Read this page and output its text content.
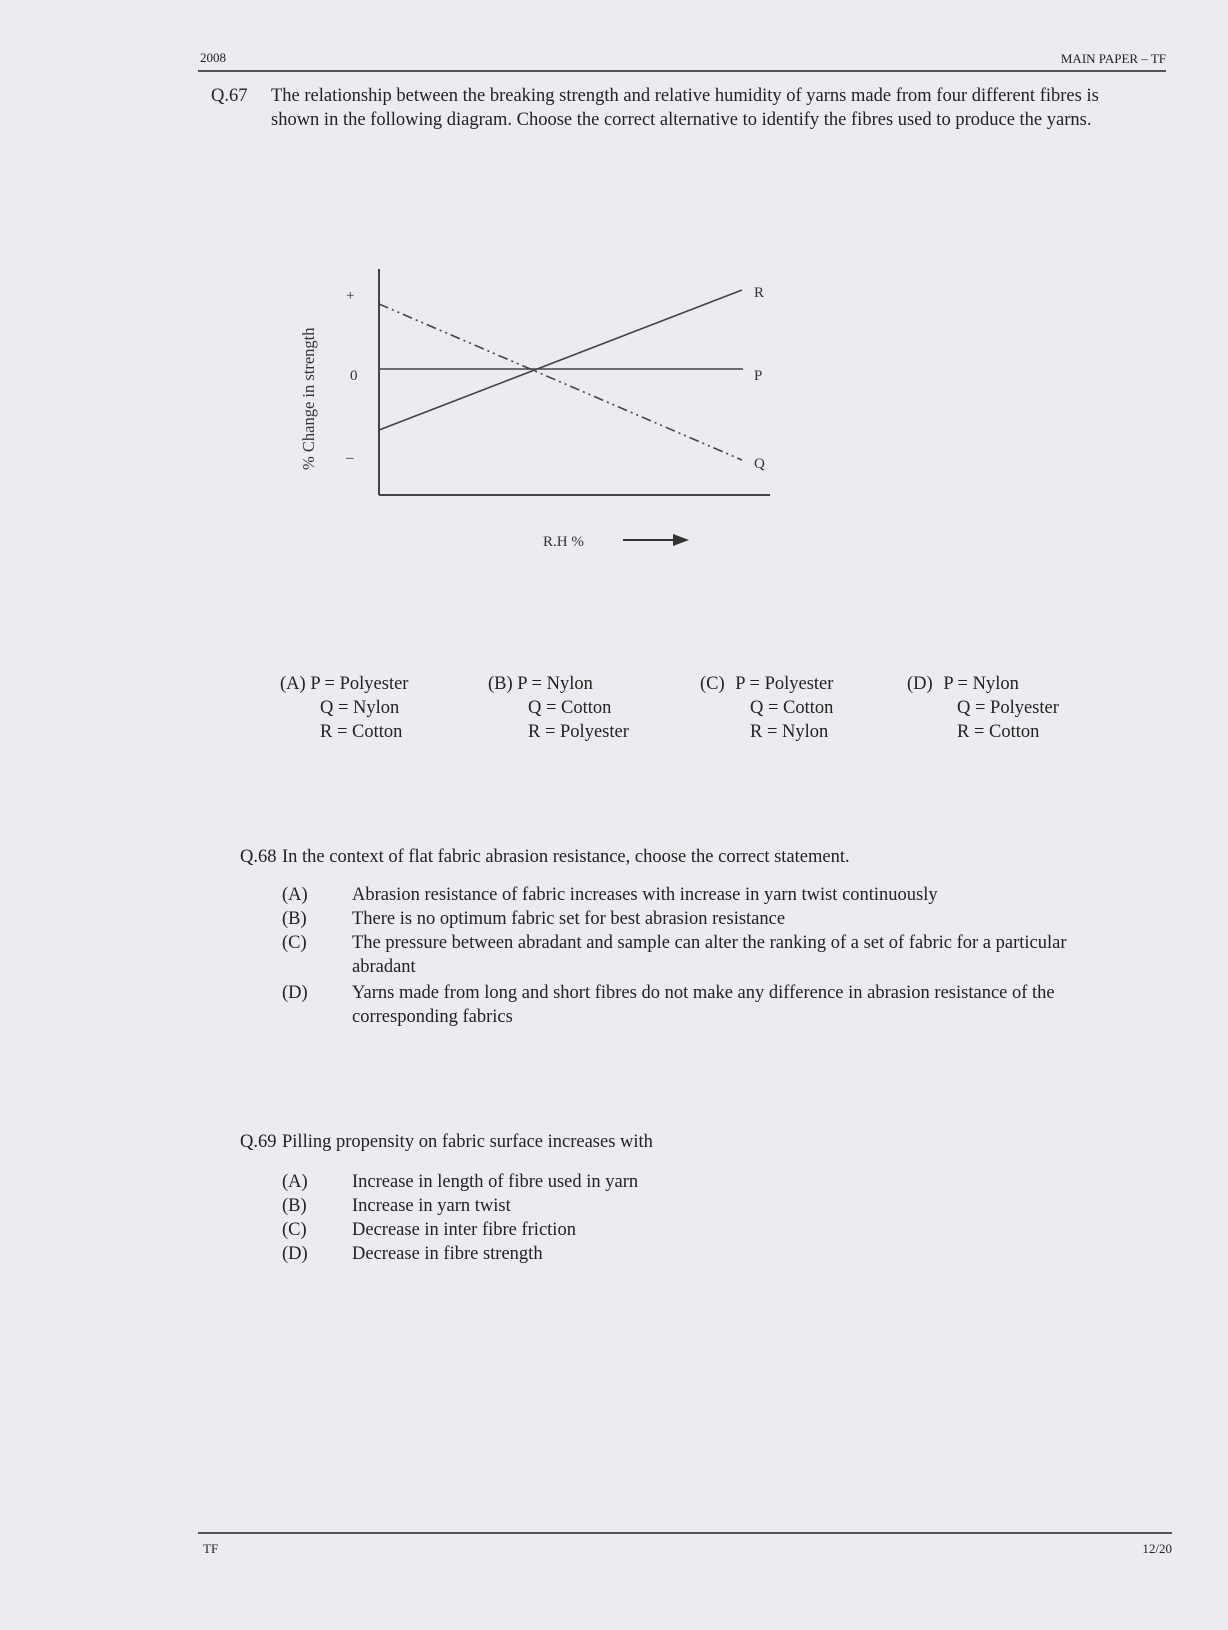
2008	MAIN PAPER – TF
Q.67 The relationship between the breaking strength and relative humidity of yarns made from four different fibres is shown in the following diagram. Choose the correct alternative to identify the fibres used to produce the yarns.
+
0
–
% Change in strength
R
P
Q
R.H %
(A) P = Polyester
Q = Nylon
R = Cotton
(B) P = Nylon
Q = Cotton
R = Polyester
(C) P = Polyester
Q = Cotton
R = Nylon
(D) P = Nylon
Q = Polyester
R = Cotton
Q.68 In the context of flat fabric abrasion resistance, choose the correct statement.
(A) Abrasion resistance of fabric increases with increase in yarn twist continuously
(B) There is no optimum fabric set for best abrasion resistance
(C) The pressure between abradant and sample can alter the ranking of a set of fabric for a particular abradant
(D) Yarns made from long and short fibres do not make any difference in abrasion resistance of the corresponding fabrics
Q.69 Pilling propensity on fabric surface increases with
(A) Increase in length of fibre used in yarn
(B) Increase in yarn twist
(C) Decrease in inter fibre friction
(D) Decrease in fibre strength
TF	12/20
